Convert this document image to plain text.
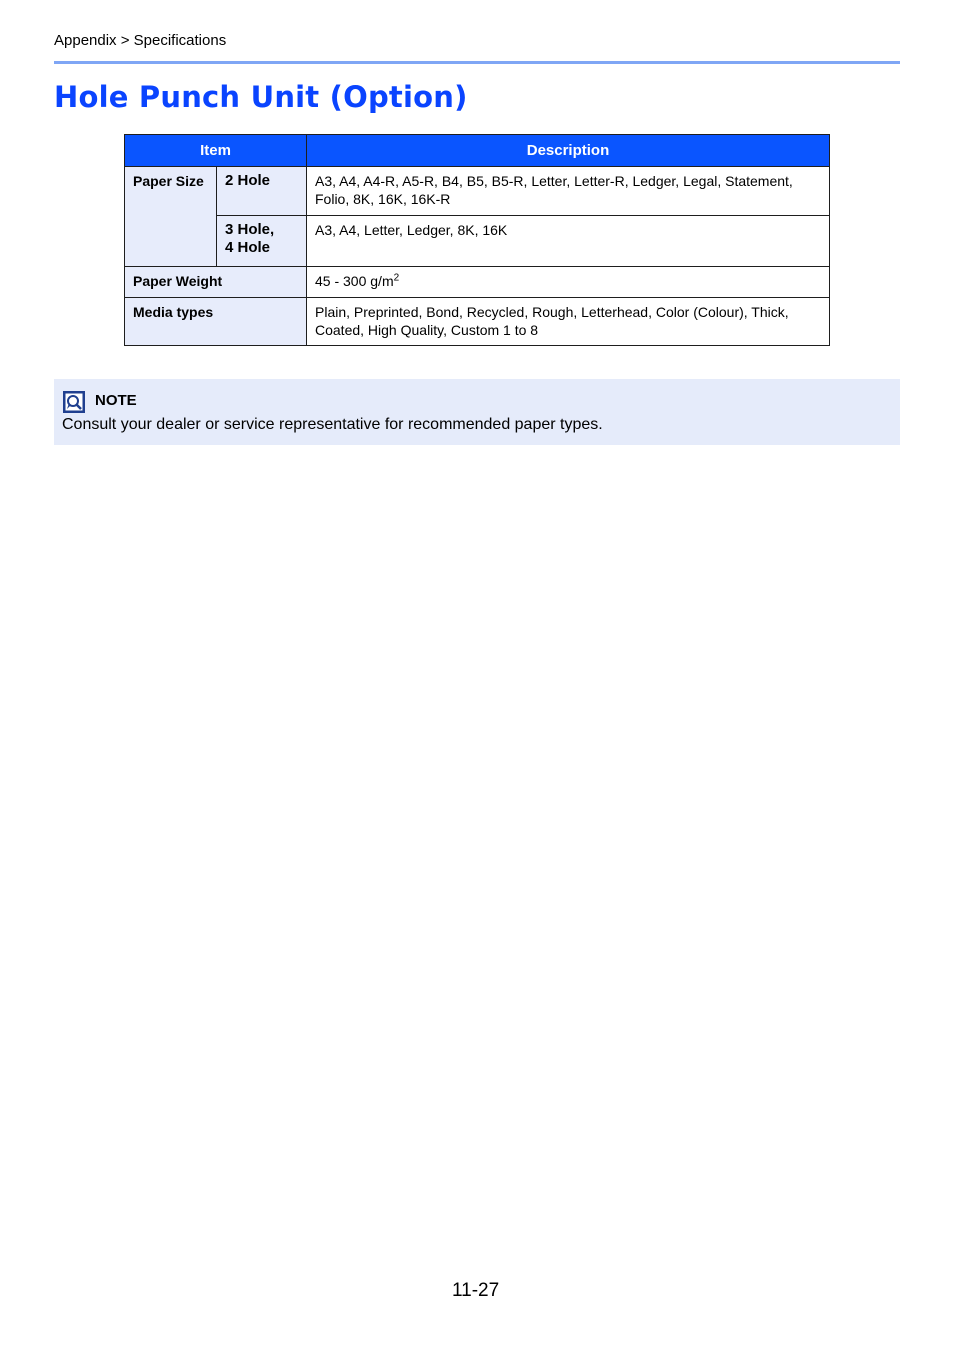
Appendix > Specifications
Hole Punch Unit (Option)
Item		Description
Paper Size	2 Hole	A3, A4, A4-R, A5-R, B4, B5, B5-R, Letter, Letter-R, Ledger, Legal, Statement, Folio, 8K, 16K, 16K-R
	3 Hole,
4 Hole	A3, A4, Letter, Ledger, 8K, 16K
Paper Weight		45 - 300 $g/m^2$
Media types		Plain, Preprinted, Bond, Recycled, Rough, Letterhead, Color (Colour), Thick, Coated, High Quality, Custom 1 to 8
NOTE
Consult your dealer or service representative for recommended paper types.
11-27
